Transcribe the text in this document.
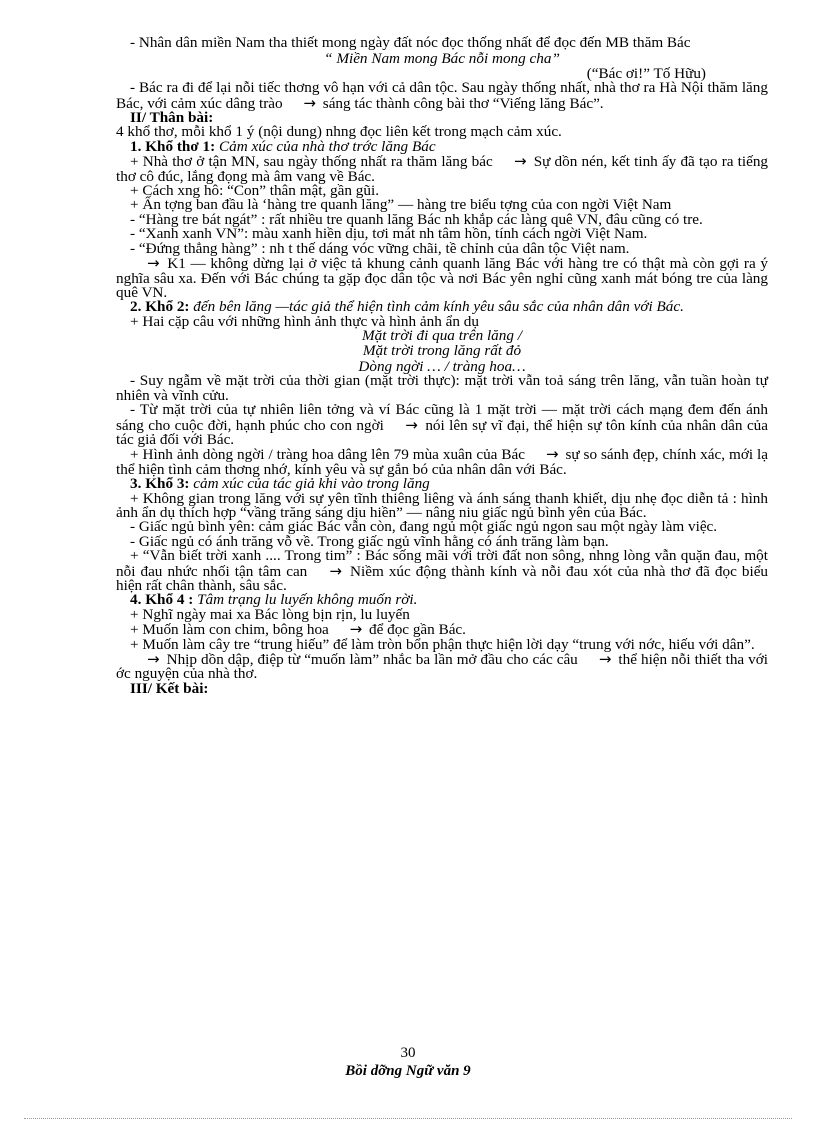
- Nhân dân miền Nam tha thiết mong ngày đất nóc đọc thống nhất để đọc đến MB thăm Bác

“ Miền Nam mong Bác nỗi mong cha”

(“Bác ơi!” Tố Hữu)

- Bác ra đi để lại nỗi tiếc thơng vô hạn với cả dân tộc. Sau ngày thống nhất, nhà thơ ra Hà Nội thăm lăng Bác, với cảm xúc dâng trào → sáng tác thành công bài thơ “Viếng lăng Bác”.

II/ Thân bài:

4 khổ thơ, mỗi khổ 1 ý (nội dung) nhng đọc liên kết trong mạch cảm xúc.

1. Khổ thơ 1: Cảm xúc của nhà thơ trớc lăng Bác

+ Nhà thơ ở tận MN, sau ngày thống nhất ra thăm lăng bác → Sự dồn nén, kết tinh ấy đã tạo ra tiếng thơ cô đúc, lắng đọng mà âm vang về Bác.

+ Cách xng hô: “Con” thân mật, gần gũi.

+ Ấn tợng ban đầu là ‘hàng tre quanh lăng” — hàng tre biểu tợng của con ngời Việt Nam

- “Hàng tre bát ngát” : rất nhiều tre quanh lăng Bác nh khắp các làng quê VN, đâu cũng có tre.

- “Xanh xanh VN”: màu xanh hiền dịu, tơi mát nh tâm hồn, tính cách ngời Việt Nam.

- “Đứng thẳng hàng” : nh t thế dáng vóc vững chãi, tề chỉnh của dân tộc Việt nam.

→ K1 — không dừng lại ở việc tả khung cảnh quanh lăng Bác với hàng tre có thật mà còn gợi ra ý nghĩa sâu xa. Đến với Bác chúng ta gặp đọc dân tộc và nơi Bác yên nghỉ cũng xanh mát bóng tre của làng quê VN.

2. Khổ 2: đến bên lăng —tác giả thể hiện tình cảm kính yêu sâu sắc của nhân dân với Bác.

+ Hai cặp câu với những hình ảnh thực và hình ảnh ẩn dụ

Mặt trời đi qua trên lăng /

Mặt trời trong lăng rất đỏ

Dòng ngời … / tràng hoa…

- Suy ngẫm về mặt trời của thời gian (mặt trời thực): mặt trời vẫn toả sáng trên lăng, vẫn tuần hoàn tự nhiên và vĩnh cửu.

- Từ mặt trời của tự nhiên liên tởng và ví Bác cũng là 1 mặt trời — mặt trời cách mạng đem đến ánh sáng cho cuộc đời, hạnh phúc cho con ngời → nói lên sự vĩ đại, thể hiện sự tôn kính của nhân dân của tác giả đối với Bác.

+ Hình ảnh dòng ngời / tràng hoa dâng lên 79 mùa xuân của Bác → sự so sánh đẹp, chính xác, mới lạ thể hiện tình cảm thơng nhớ, kính yêu và sự gắn bó của nhân dân với Bác.

3. Khổ 3: cảm xúc của tác giả khi vào trong lăng

+ Không gian trong lăng với sự yên tĩnh thiêng liêng và ánh sáng thanh khiết, dịu nhẹ đọc diễn tả : hình ảnh ẩn dụ thích hợp “vầng trăng sáng dịu hiền” — nâng niu giấc ngủ bình yên của Bác.

- Giấc ngủ bình yên: cảm giác Bác vẫn còn, đang ngủ một giấc ngủ ngon sau một ngày làm việc.

- Giấc ngủ có ánh trăng vỗ về. Trong giấc ngủ vĩnh hằng có ánh trăng làm bạn.

+ “Vẫn biết trời xanh .... Trong tim” : Bác sống mãi với trời đất non sông, nhng lòng vẫn quặn đau, một nỗi đau nhức nhối tận tâm can → Niềm xúc động thành kính và nỗi đau xót của nhà thơ đã đọc biểu hiện rất chân thành, sâu sắc.

4. Khổ 4 : Tâm trạng lu luyến không muốn rời.

+ Nghĩ ngày mai xa Bác lòng bịn rịn, lu luyến

+ Muốn làm con chim, bông hoa → để đọc gần Bác.

+ Muốn làm cây tre “trung hiếu” để làm tròn bổn phận thực hiện lời dạy “trung với nớc, hiếu với dân”.

→ Nhịp dồn dập, điệp từ “muốn làm” nhắc ba lần mở đầu cho các câu → thể hiện nỗi thiết tha với ớc nguyện của nhà thơ.

III/ Kết bài:

30
Bồi dỡng Ngữ văn 9
